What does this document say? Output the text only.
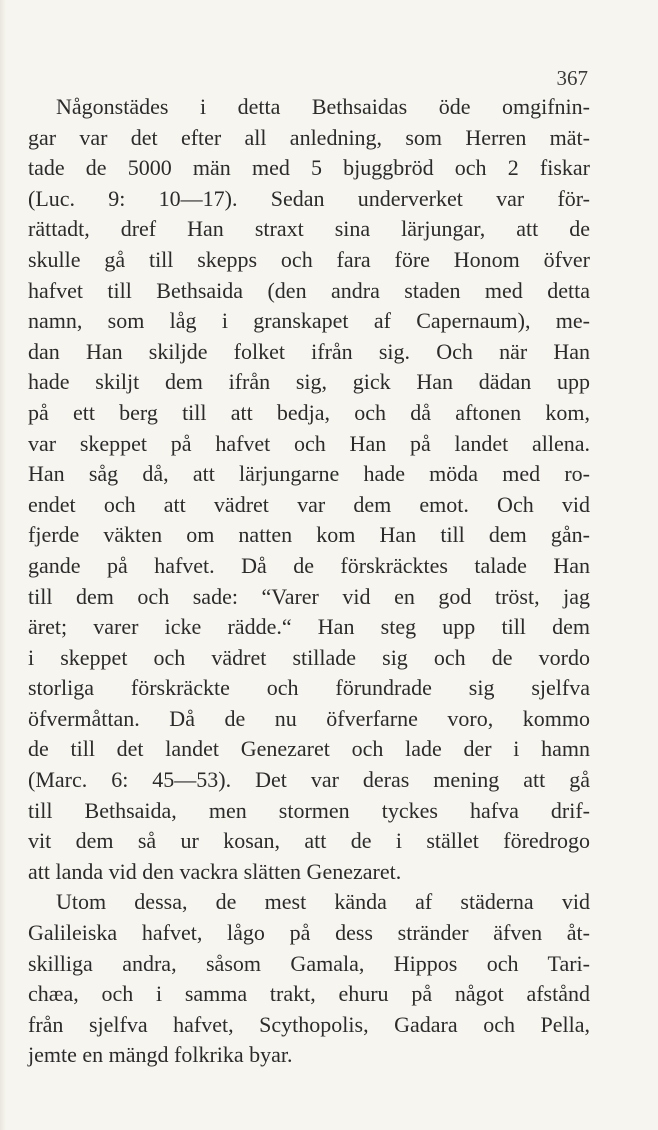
367
Någonstädes i detta Bethsaidas öde omgifnin-
gar var det efter all anledning, som Herren mät-
tade de 5000 män med 5 bjuggbröd och 2 fiskar
(Luc. 9: 10—17). Sedan underverket var för-
rättadt, dref Han straxt sina lärjungar, att de
skulle gå till skepps och fara före Honom öfver
hafvet till Bethsaida (den andra staden med detta
namn, som låg i granskapet af Capernaum), me-
dan Han skiljde folket ifrån sig. Och när Han
hade skiljt dem ifrån sig, gick Han dädan upp
på ett berg till att bedja, och då aftonen kom,
var skeppet på hafvet och Han på landet allena.
Han såg då, att lärjungarne hade möda med ro-
endet och att vädret var dem emot. Och vid
fjerde väkten om natten kom Han till dem gån-
gande på hafvet. Då de förskräcktes talade Han
till dem och sade: “Varer vid en god tröst, jag
äret; varer icke rädde.“ Han steg upp till dem
i skeppet och vädret stillade sig och de vordo
storliga förskräckte och förundrade sig sjelfva
öfvermåttan. Då de nu öfverfarne voro, kommo
de till det landet Genezaret och lade der i hamn
(Marc. 6: 45—53). Det var deras mening att gå
till Bethsaida, men stormen tyckes hafva drif-
vit dem så ur kosan, att de i stället föredrogo
att landa vid den vackra slätten Genezaret.
Utom dessa, de mest kända af städerna vid
Galileiska hafvet, lågo på dess stränder äfven åt-
skilliga andra, såsom Gamala, Hippos och Tari-
chæa, och i samma trakt, ehuru på något afstånd
från sjelfva hafvet, Scythopolis, Gadara och Pella,
jemte en mängd folkrika byar.
